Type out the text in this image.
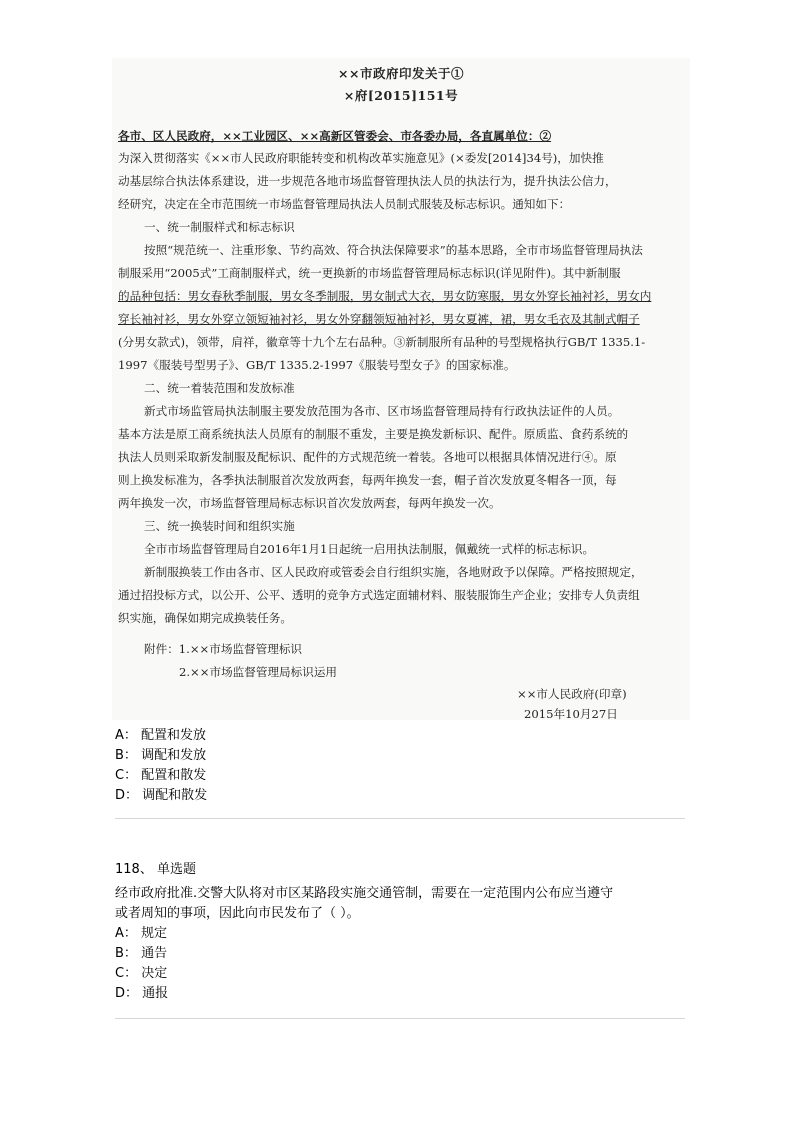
××市政府印发关于①
×府[2015]151号
各市、区人民政府，××工业园区、××高新区管委会、市各委办局，各直属单位：②
为深入贯彻落实《××市人民政府职能转变和机构改革实施意见》(×委发[2014]34号)，加快推
动基层综合执法体系建设，进一步规范各地市场监督管理执法人员的执法行为，提升执法公信力，
经研究，决定在全市范围统一市场监督管理局执法人员制式服装及标志标识。通知如下：
一、统一制服样式和标志标识
按照“规范统一、注重形象、节约高效、符合执法保障要求”的基本思路，全市市场监督管理局执法
制服采用“2005式”工商制服样式，统一更换新的市场监督管理局标志标识(详见附件)。其中新制服
的品种包括：男女春秋季制服，男女冬季制服，男女制式大衣，男女防寒服，男女外穿长袖衬衫，男女内
穿长袖衬衫，男女外穿立领短袖衬衫，男女外穿翻领短袖衬衫，男女夏裤，裙，男女毛衣及其制式帽子
(分男女款式)，领带，肩祥，徽章等十九个左右品种。③新制服所有品种的号型规格执行GB/T 1335.1-
1997《服装号型男子》、GB/T 1335.2-1997《服装号型女子》的国家标准。
二、统一着装范围和发放标准
新式市场监管局执法制服主要发放范围为各市、区市场监督管理局持有行政执法证件的人员。
基本方法是原工商系统执法人员原有的制服不重发，主要是换发新标识、配件。原质监、食药系统的
执法人员则采取新发制服及配标识、配件的方式规范统一着装。各地可以根据具体情况进行④。原
则上换发标准为，各季执法制服首次发放两套，每两年换发一套，帽子首次发放夏冬帽各一顶，每
两年换发一次，市场监督管理局标志标识首次发放两套，每两年换发一次。
三、统一换装时间和组织实施
全市市场监督管理局自2016年1月1日起统一启用执法制服，佩戴统一式样的标志标识。
新制服换装工作由各市、区人民政府或管委会自行组织实施，各地财政予以保障。严格按照规定，
通过招投标方式，以公开、公平、透明的竞争方式选定面辅材料、服装服饰生产企业；安排专人负责组
织实施，确保如期完成换装任务。
附件：1.××市场监督管理标识
2.××市场监督管理局标识运用
××市人民政府(印章)
2015年10月27日
A： 配置和发放
B： 调配和发放
C： 配置和散发
D： 调配和散发
118、 单选题
经市政府批准.交警大队将对市区某路段实施交通管制，需要在一定范围内公布应当遵守
或者周知的事项，因此向市民发布了（ ）。
A： 规定
B： 通告
C： 决定
D： 通报
